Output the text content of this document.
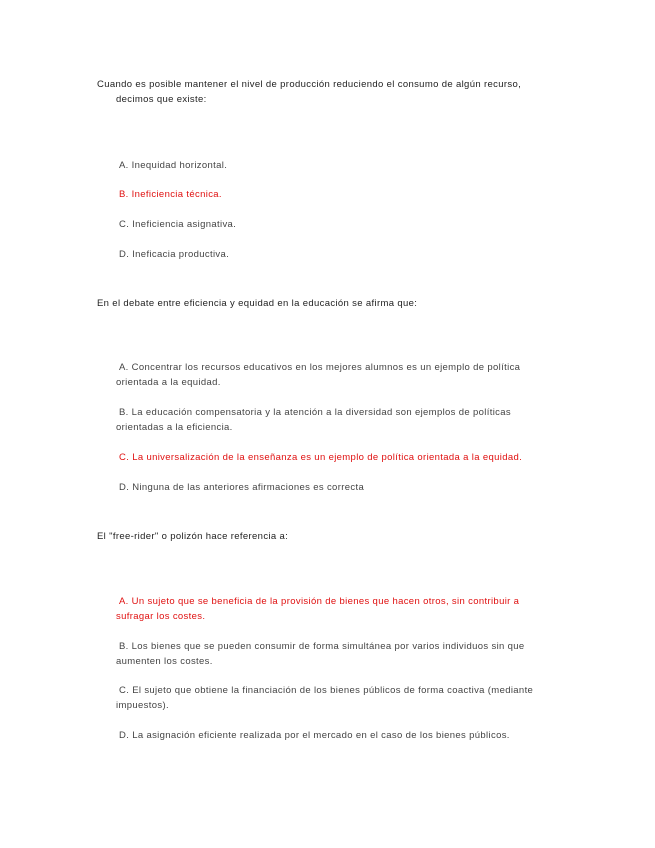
Cuando es posible mantener el nivel de producción reduciendo el consumo de algún recurso,
decimos que existe:
A. Inequidad horizontal.
B. Ineficiencia técnica.
C. Ineficiencia asignativa.
D. Ineficacia productiva.
En el debate entre eficiencia y equidad en la educación se afirma que:
A. Concentrar los recursos educativos en los mejores alumnos es un ejemplo de política
orientada a la equidad.
B. La educación compensatoria y la atención a la diversidad son ejemplos de políticas
orientadas a la eficiencia.
C. La universalización de la enseñanza es un ejemplo de política orientada a la equidad.
D. Ninguna de las anteriores afirmaciones es correcta
El "free-rider" o polizón hace referencia a:
A. Un sujeto que se beneficia de la provisión de bienes que hacen otros, sin contribuir a
sufragar los costes.
B. Los bienes que se pueden consumir de forma simultánea por varios individuos sin que
aumenten los costes.
C. El sujeto que obtiene la financiación de los bienes públicos de forma coactiva (mediante
impuestos).
D. La asignación eficiente realizada por el mercado en el caso de los bienes públicos.
